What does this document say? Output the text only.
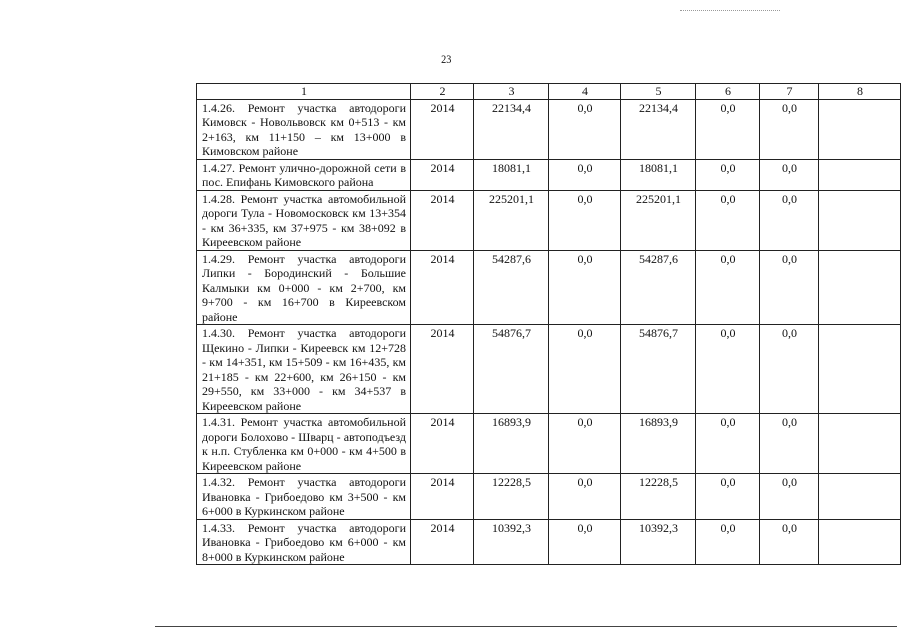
23
1	2	3	4	5	6	7	8
1.4.26. Ремонт участка автодороги Кимовск - Новольвовск км 0+513 - км 2+163, км 11+150 – км 13+000 в Кимовском районе	2014	22134,4	0,0	22134,4	0,0	0,0	
1.4.27. Ремонт улично-дорожной сети в пос. Епифань Кимовского района	2014	18081,1	0,0	18081,1	0,0	0,0	
1.4.28. Ремонт участка автомобильной дороги Тула - Новомосковск км 13+354 - км 36+335, км 37+975 - км 38+092 в Киреевском районе	2014	225201,1	0,0	225201,1	0,0	0,0	
1.4.29. Ремонт участка автодороги Липки - Бородинский - Большие Калмыки км 0+000 - км 2+700, км 9+700 - км 16+700 в Киреевском районе	2014	54287,6	0,0	54287,6	0,0	0,0	
1.4.30. Ремонт участка автодороги Щекино - Липки - Киреевск км 12+728 - км 14+351, км 15+509 - км 16+435, км 21+185 - км 22+600, км 26+150 - км 29+550, км 33+000 - км 34+537 в Киреевском районе	2014	54876,7	0,0	54876,7	0,0	0,0	
1.4.31. Ремонт участка автомобильной дороги Болохово - Шварц - автоподъезд к н.п. Стубленка км 0+000 - км 4+500 в Киреевском районе	2014	16893,9	0,0	16893,9	0,0	0,0	
1.4.32. Ремонт участка автодороги Ивановка - Грибоедово км 3+500 - км 6+000 в Куркинском районе	2014	12228,5	0,0	12228,5	0,0	0,0	
1.4.33. Ремонт участка автодороги Ивановка - Грибоедово км 6+000 - км 8+000 в Куркинском районе	2014	10392,3	0,0	10392,3	0,0	0,0	
